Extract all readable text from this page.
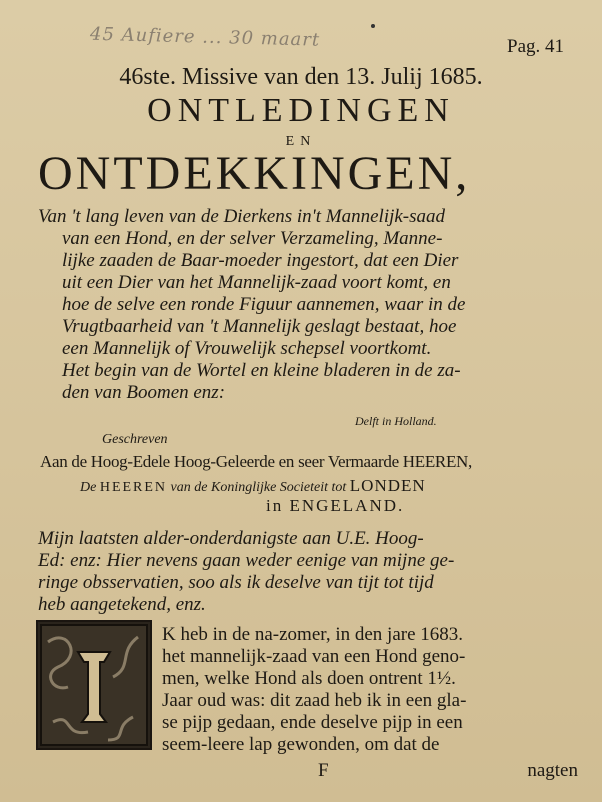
45 Aufiere ... 30 maart	Pag. 41
46ste. Missive van den 13. Julij 1685.
ONTLEDINGEN
EN
ONTDEKKINGEN,
Van 't lang leven van de Dierkens in't Mannelijk-saad
van een Hond, en der selver Verzameling, Manne-
lijke zaaden de Baar-moeder ingestort, dat een Dier
uit een Dier van het Mannelijk-zaad voort komt, en
hoe de selve een ronde Figuur aannemen, waar in de
Vrugtbaarheid van 't Mannelijk geslagt bestaat, hoe
een Mannelijk of Vrouwelijk schepsel voortkomt.
Het begin van de Wortel en kleine bladeren in de za-
den van Boomen enz:
Delft in Holland.
Geschreven
Aan de Hoog-Edele Hoog-Geleerde en seer Vermaarde HEEREN,
De HEEREN van de Koninglijke Societeit tot LONDEN
in ENGELAND.
Mijn laatsten alder-onderdanigste aan U.E. Hoog-
Ed: enz: Hier nevens gaan weder eenige van mijne ge-
ringe obsservatien, soo als ik deselve van tijt tot tijd
heb aangetekend, enz.
K heb in de na-zomer, in den jare 1683.
het mannelijk-zaad van een Hond geno-
men, welke Hond als doen ontrent 1½.
Jaar oud was: dit zaad heb ik in een gla-
se pijp gedaan, ende deselve pijp in een
seem-leere lap gewonden, om dat de
F	nagten
